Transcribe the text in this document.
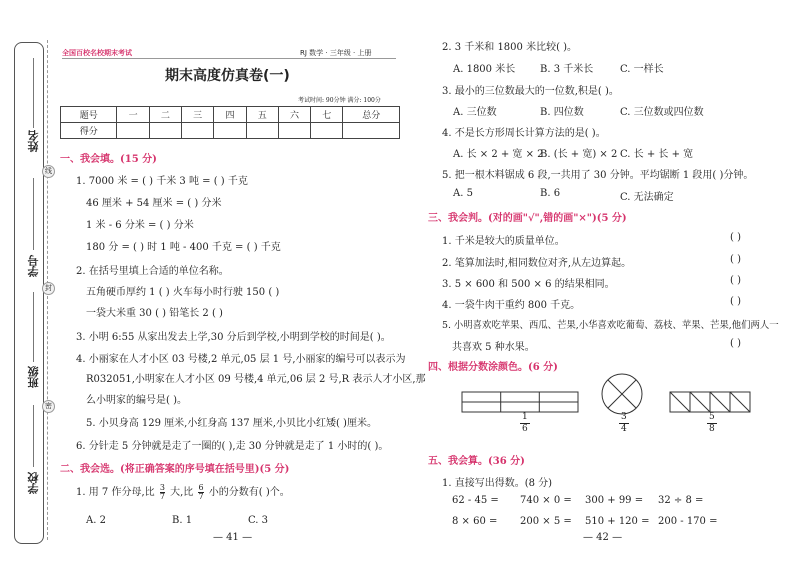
姓名
学号
班级
学校
线
封
密
全国百校名校期末考试	RJ 数学 · 三年级 · 上册
期末高度仿真卷(一)
考试时间: 90分钟 满分: 100分
题号	一	二	三	四	五	六	七	总分
得分								
一、我会填。(15 分)
1. 7000 米 = ( ) 千米 3 吨 = ( ) 千克
46 厘米 + 54 厘米 = ( ) 分米
1 米 - 6 分米 = ( ) 分米
180 分 = ( ) 时 1 吨 - 400 千克 = ( ) 千克
2. 在括号里填上合适的单位名称。
五角硬币厚约 1 ( ) 火车每小时行驶 150 ( )
一袋大米重 30 ( ) 铅笔长 2 ( )
3. 小明 6:55 从家出发去上学,30 分后到学校,小明到学校的时间是( )。
4. 小丽家在人才小区 03 号楼,2 单元,05 层 1 号,小丽家的编号可以表示为
R032051,小明家在人才小区 09 号楼,4 单元,06 层 2 号,R 表示人才小区,那
么小明家的编号是( )。
5. 小贝身高 129 厘米,小红身高 137 厘米,小贝比小红矮( )厘米。
6. 分针走 5 分钟就是走了一圈的( ),走 30 分钟就是走了 1 小时的( )。
二、我会选。(将正确答案的序号填在括号里)(5 分)
1. 用 7 作分母,比 $\frac{3}{7}$ 大,比 $\frac{6}{7}$ 小的分数有( )个。
A. 2	B. 1	C. 3
— 41 —
2. 3 千米和 1800 米比较( )。
A. 1800 米长 B. 3 千米长	C. 一样长
3. 最小的三位数最大的一位数,积是( )。
A. 三位数	B. 四位数	C. 三位数或四位数
4. 不是长方形周长计算方法的是( )。
A. 长 × 2 + 宽 × 2
B. (长 + 宽) × 2 C. 长 + 长 + 宽
5. 把一根木料锯成 6 段,一共用了 30 分钟。平均锯断 1 段用( )分钟。
A. 5	B. 6	C. 无法确定
三、我会判。(对的画"√",错的画"×")(5 分)
1. 千米是较大的质量单位。	( )
2. 笔算加法时,相同数位对齐,从左边算起。	( )
3. 5 × 600 和 500 × 6 的结果相同。	( )
4. 一袋牛肉干重约 800 千克。	( )
5. 小明喜欢吃苹果、西瓜、芒果,小华喜欢吃葡萄、荔枝、苹果、芒果,他们两人一
共喜欢 5 种水果。	( )
四、根据分数涂颜色。(6 分)
1
6
3
4
5
8
五、我会算。(36 分)
1. 直接写出得数。(8 分)
62 - 45 = 740 × 0 = 300 + 99 = 32 ÷ 8 =
8 × 60 = 200 × 5 = 510 + 120 = 200 - 170 =
— 42 —
